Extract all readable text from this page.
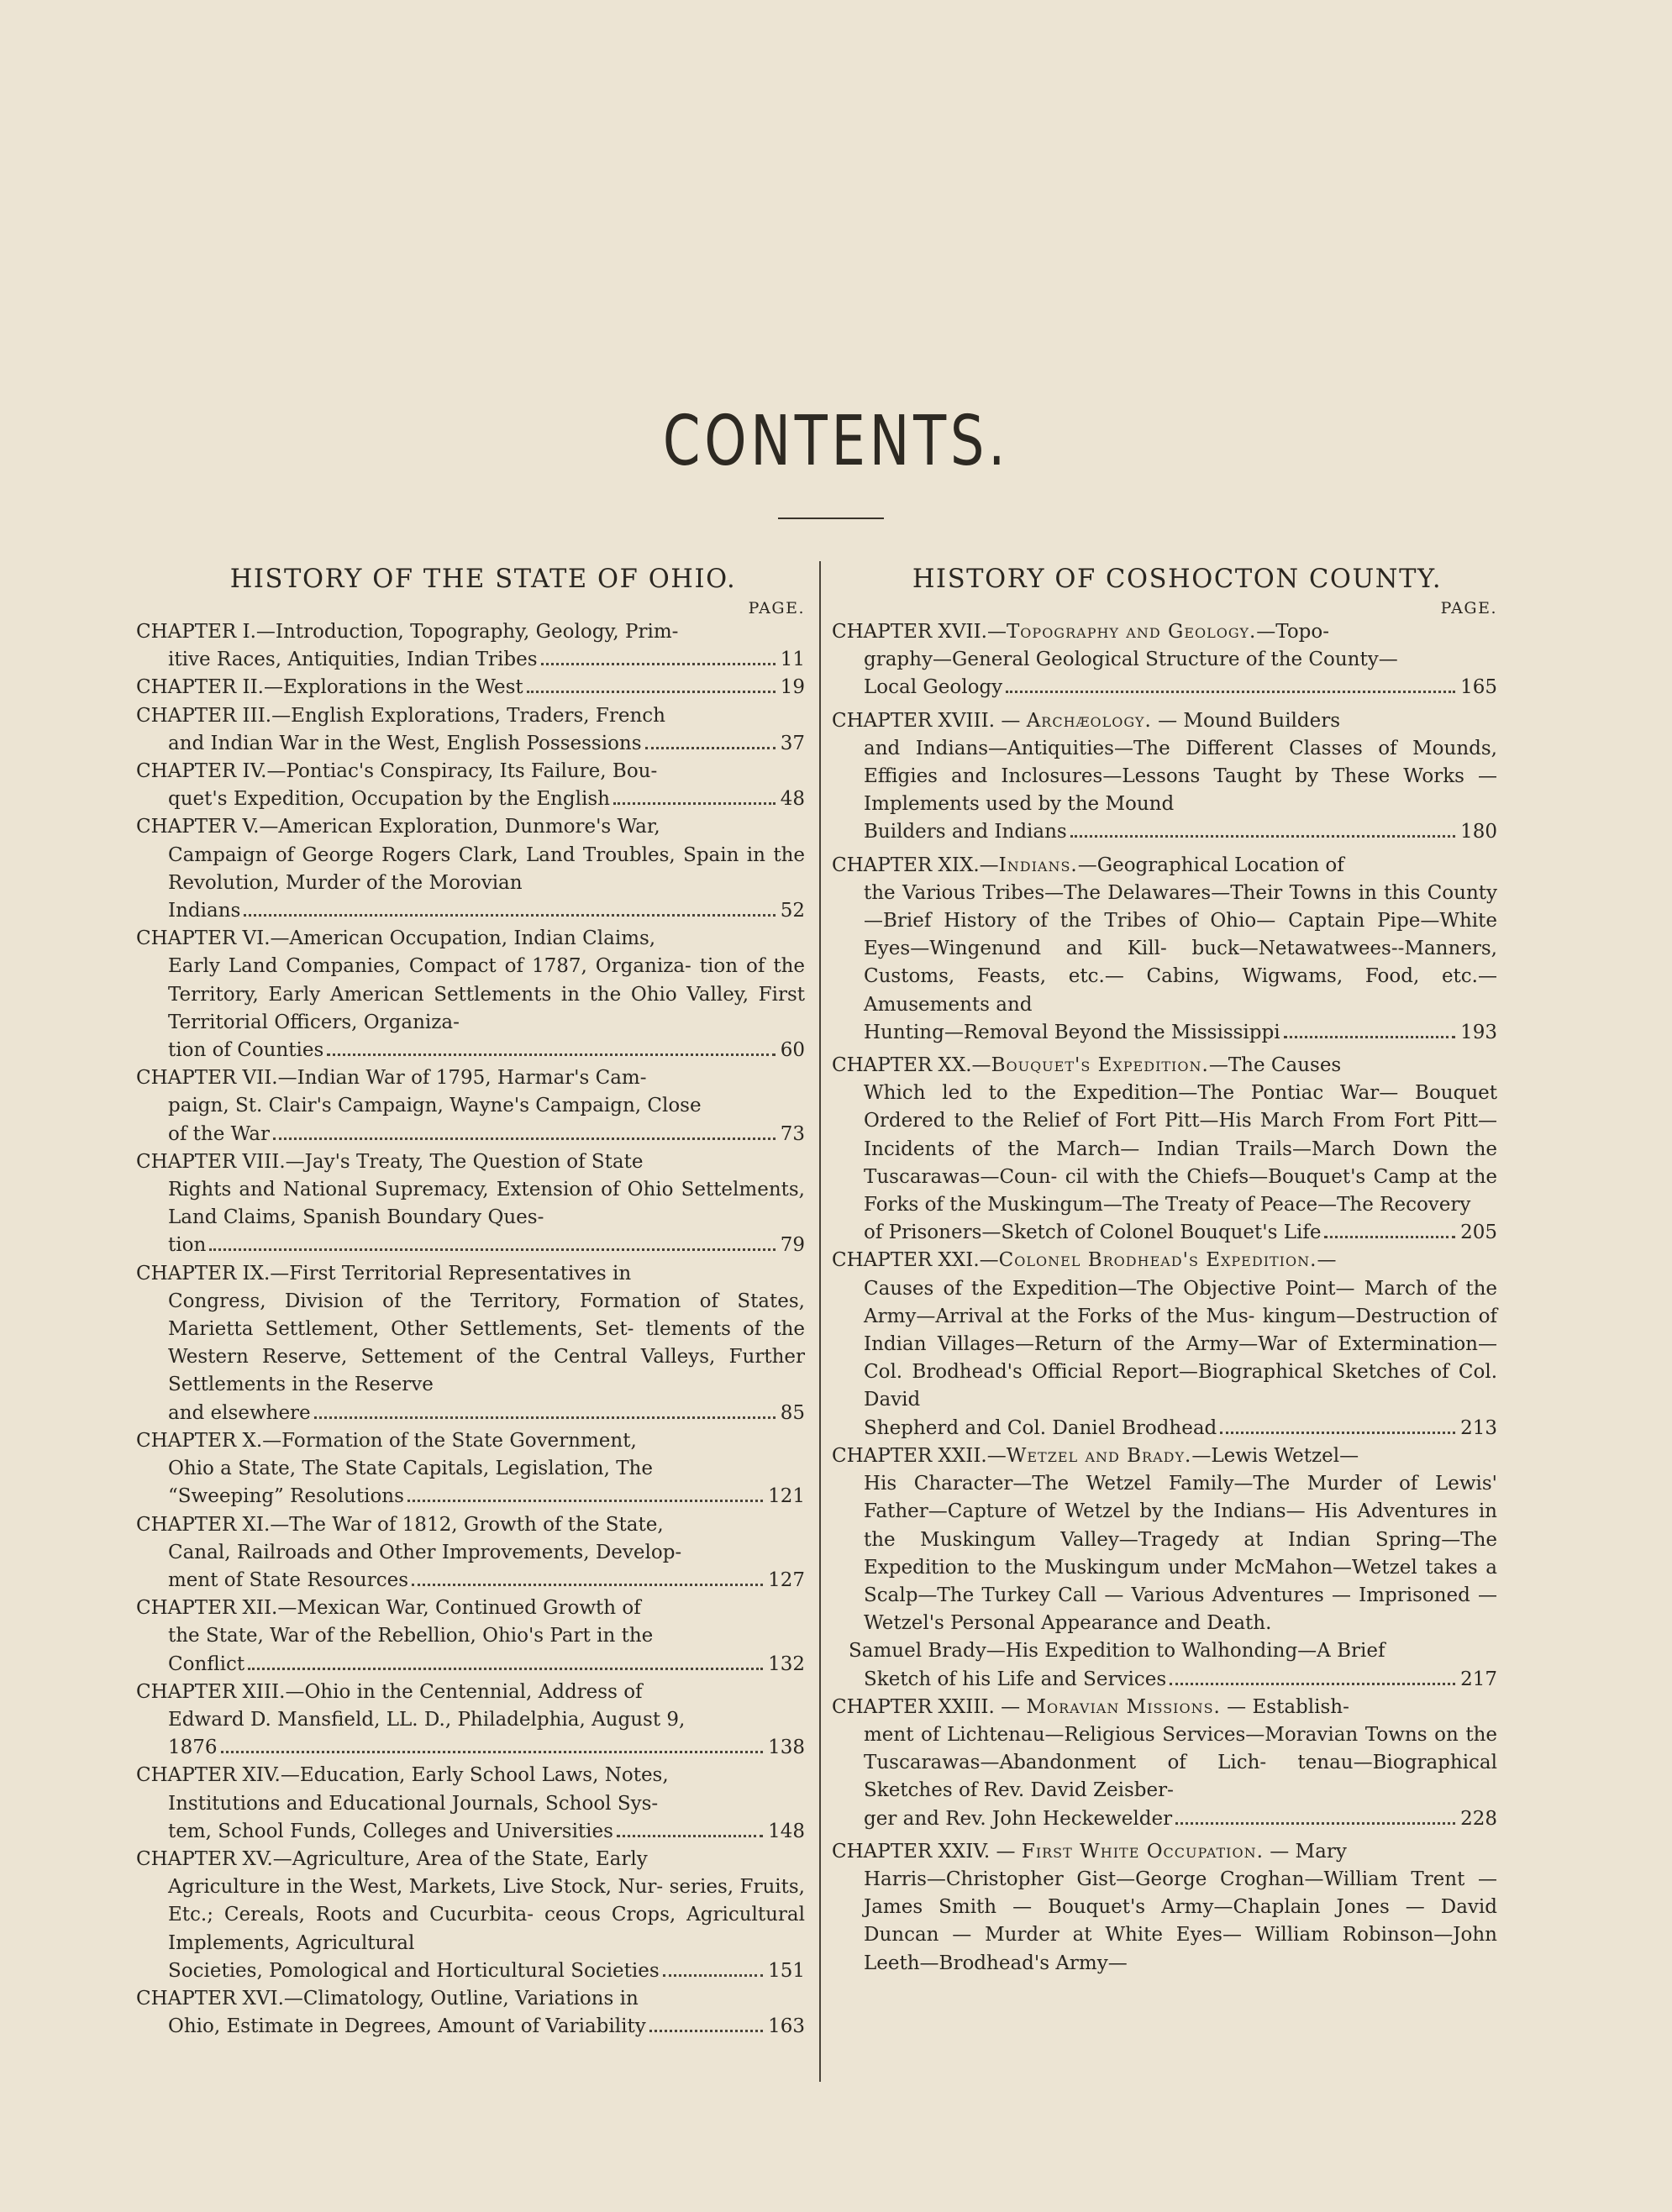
CONTENTS.
HISTORY OF THE STATE OF OHIO.
PAGE.
CHAPTER I.—Introduction, Topography, Geology, Prim-
itive Races, Antiquities, Indian Tribes	11
CHAPTER II.—Explorations in the West	19
CHAPTER III.—English Explorations, Traders, French
and Indian War in the West, English Possessions	37
CHAPTER IV.—Pontiac's Conspiracy, Its Failure, Bou-
quet's Expedition, Occupation by the English	48
CHAPTER V.—American Exploration, Dunmore's War,
Campaign of George Rogers Clark, Land Troubles, Spain in the Revolution, Murder of the Morovian
Indians	52
CHAPTER VI.—American Occupation, Indian Claims,
Early Land Companies, Compact of 1787, Organiza- tion of the Territory, Early American Settlements in the Ohio Valley, First Territorial Officers, Organiza-
tion of Counties	60
CHAPTER VII.—Indian War of 1795, Harmar's Cam-
paign, St. Clair's Campaign, Wayne's Campaign, Close
of the War	73
CHAPTER VIII.—Jay's Treaty, The Question of State
Rights and National Supremacy, Extension of Ohio Settelments, Land Claims, Spanish Boundary Ques-
tion	79
CHAPTER IX.—First Territorial Representatives in
Congress, Division of the Territory, Formation of States, Marietta Settlement, Other Settlements, Set- tlements of the Western Reserve, Settement of the Central Valleys, Further Settlements in the Reserve
and elsewhere	85
CHAPTER X.—Formation of the State Government,
Ohio a State, The State Capitals, Legislation, The
“Sweeping” Resolutions	121
CHAPTER XI.—The War of 1812, Growth of the State,
Canal, Railroads and Other Improvements, Develop-
ment of State Resources	127
CHAPTER XII.—Mexican War, Continued Growth of
the State, War of the Rebellion, Ohio's Part in the
Conflict	132
CHAPTER XIII.—Ohio in the Centennial, Address of
Edward D. Mansfield, LL. D., Philadelphia, August 9,
1876	138
CHAPTER XIV.—Education, Early School Laws, Notes,
Institutions and Educational Journals, School Sys-
tem, School Funds, Colleges and Universities	148
CHAPTER XV.—Agriculture, Area of the State, Early
Agriculture in the West, Markets, Live Stock, Nur- series, Fruits, Etc.; Cereals, Roots and Cucurbita- ceous Crops, Agricultural Implements, Agricultural
Societies, Pomological and Horticultural Societies	151
CHAPTER XVI.—Climatology, Outline, Variations in
Ohio, Estimate in Degrees, Amount of Variability	163
HISTORY OF COSHOCTON COUNTY.
PAGE.
CHAPTER XVII.—Topography and Geology.—Topo-
graphy—General Geological Structure of the County—
Local Geology	165
CHAPTER XVIII. — Archæology. — Mound Builders
and Indians—Antiquities—The Different Classes of Mounds, Effigies and Inclosures—Lessons Taught by These Works — Implements used by the Mound
Builders and Indians	180
CHAPTER XIX.—Indians.—Geographical Location of
the Various Tribes—The Delawares—Their Towns in this County—Brief History of the Tribes of Ohio— Captain Pipe—White Eyes—Wingenund and Kill- buck—Netawatwees--Manners, Customs, Feasts, etc.— Cabins, Wigwams, Food, etc.—Amusements and
Hunting—Removal Beyond the Mississippi	193
CHAPTER XX.—Bouquet's Expedition.—The Causes
Which led to the Expedition—The Pontiac War— Bouquet Ordered to the Relief of Fort Pitt—His March From Fort Pitt—Incidents of the March— Indian Trails—March Down the Tuscarawas—Coun- cil with the Chiefs—Bouquet's Camp at the Forks of the Muskingum—The Treaty of Peace—The Recovery
of Prisoners—Sketch of Colonel Bouquet's Life	205
CHAPTER XXI.—Colonel Brodhead's Expedition.—
Causes of the Expedition—The Objective Point— March of the Army—Arrival at the Forks of the Mus- kingum—Destruction of Indian Villages—Return of the Army—War of Extermination—Col. Brodhead's Official Report—Biographical Sketches of Col. David
Shepherd and Col. Daniel Brodhead	213
CHAPTER XXII.—Wetzel and Brady.—Lewis Wetzel—
His Character—The Wetzel Family—The Murder of Lewis' Father—Capture of Wetzel by the Indians— His Adventures in the Muskingum Valley—Tragedy at Indian Spring—The Expedition to the Muskingum under McMahon—Wetzel takes a Scalp—The Turkey Call — Various Adventures — Imprisoned — Wetzel's Personal Appearance and Death.
Samuel Brady—His Expedition to Walhonding—A Brief
Sketch of his Life and Services	217
CHAPTER XXIII. — Moravian Missions. — Establish-
ment of Lichtenau—Religious Services—Moravian Towns on the Tuscarawas—Abandonment of Lich- tenau—Biographical Sketches of Rev. David Zeisber-
ger and Rev. John Heckewelder	228
CHAPTER XXIV. — First White Occupation. — Mary
Harris—Christopher Gist—George Croghan—William Trent — James Smith — Bouquet's Army—Chaplain Jones — David Duncan — Murder at White Eyes— William Robinson—John Leeth—Brodhead's Army—
